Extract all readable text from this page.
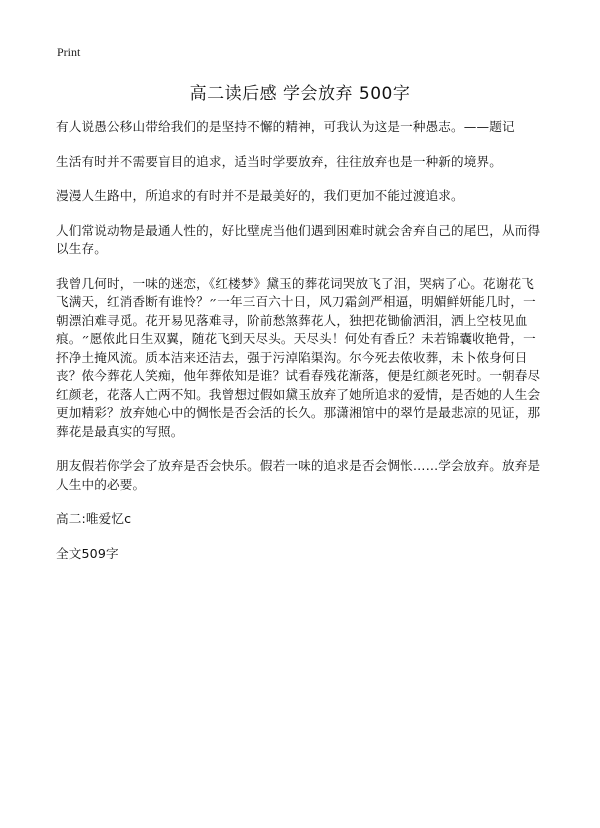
Print
高二读后感 学会放弃 500字

有人说愚公移山带给我们的是坚持不懈的精神，可我认为这是一种愚志。——题记

生活有时并不需要盲目的追求，适当时学要放弃，往往放弃也是一种新的境界。

漫漫人生路中，所追求的有时并不是最美好的，我们更加不能过渡追求。

人们常说动物是最通人性的，好比壁虎当他们遇到困难时就会舍弃自己的尾巴，从而得以生存。

我曾几何时，一味的迷恋，《红楼梦》黛玉的葬花词哭放飞了泪，哭病了心。花谢花飞飞满天，红消香断有谁怜？״一年三百六十日，风刀霜剑严相逼，明媚鲜妍能几时，一朝漂泊难寻觅。花开易见落难寻，阶前愁煞葬花人，独把花锄偷洒泪，洒上空枝见血痕。״愿侬此日生双翼，随花飞到天尽头。天尽头！何处有香丘？未若锦囊收艳骨，一抔净土掩风流。质本洁来还洁去，强于污淖陷渠沟。尔今死去侬收葬，未卜侬身何日丧？侬今葬花人笑痴，他年葬侬知是谁？试看春残花渐落，便是红颜老死时。一朝春尽红颜老，花落人亡两不知。我曾想过假如黛玉放弃了她所追求的爱情，是否她的人生会更加精彩？放弃她心中的惆怅是否会活的长久。那潇湘馆中的翠竹是最悲凉的见证，那葬花是最真实的写照。

朋友假若你学会了放弃是否会快乐。假若一味的追求是否会惆怅……学会放弃。放弃是人生中的必要。

高二:唯爱忆c
全文509字
